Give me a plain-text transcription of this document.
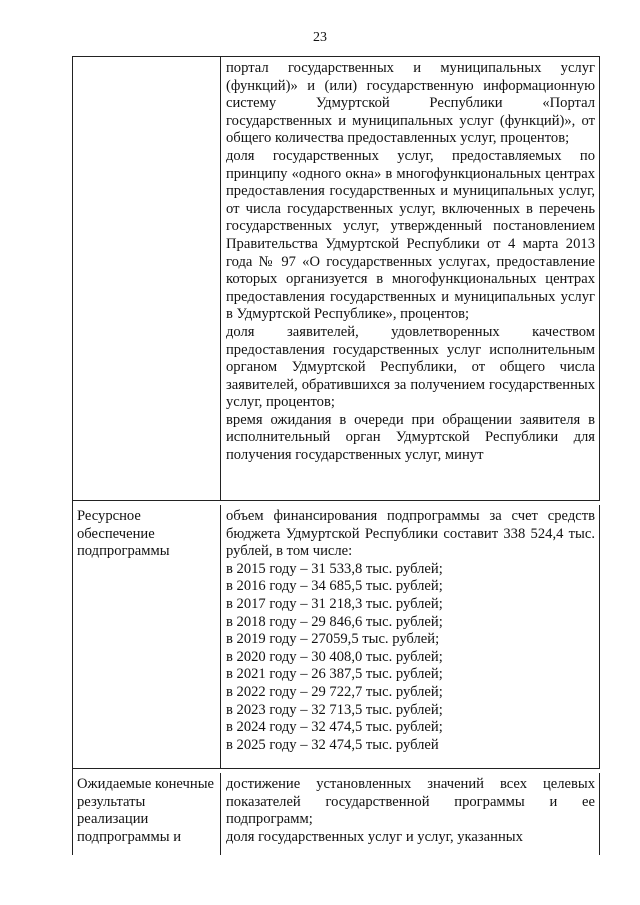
23
портал государственных и муниципальных услуг (функций)» и (или) государственную информационную систему Удмуртской Республики «Портал государственных и муниципальных услуг (функций)», от общего количества предоставленных услуг, процентов;
доля государственных услуг, предоставляемых по принципу «одного окна» в многофункциональных центрах предоставления государственных и муниципальных услуг, от числа государственных услуг, включенных в перечень государственных услуг, утвержденный постановлением Правительства Удмуртской Республики от 4 марта 2013 года № 97 «О государственных услугах, предоставление которых организуется в многофункциональных центрах предоставления государственных и муниципальных услуг в Удмуртской Республике», процентов;
доля заявителей, удовлетворенных качеством предоставления государственных услуг исполнительным органом Удмуртской Республики, от общего числа заявителей, обратившихся за получением государственных услуг, процентов;
время ожидания в очереди при обращении заявителя в исполнительный орган Удмуртской Республики для получения государственных услуг, минут
Ресурсное обеспечение подпрограммы
объем финансирования подпрограммы за счет средств бюджета Удмуртской Республики составит 338 524,4 тыс. рублей, в том числе:
в 2015 году – 31 533,8 тыс. рублей;
в 2016 году – 34 685,5 тыс. рублей;
в 2017 году – 31 218,3 тыс. рублей;
в 2018 году – 29 846,6 тыс. рублей;
в 2019 году – 27059,5 тыс. рублей;
в 2020 году – 30 408,0 тыс. рублей;
в 2021 году – 26 387,5 тыс. рублей;
в 2022 году – 29 722,7 тыс. рублей;
в 2023 году – 32 713,5 тыс. рублей;
в 2024 году – 32 474,5 тыс. рублей;
в 2025 году – 32 474,5 тыс. рублей
Ожидаемые конечные результаты реализации подпрограммы и
достижение установленных значений всех целевых показателей государственной программы и ее подпрограмм;
доля государственных услуг и услуг, указанных
